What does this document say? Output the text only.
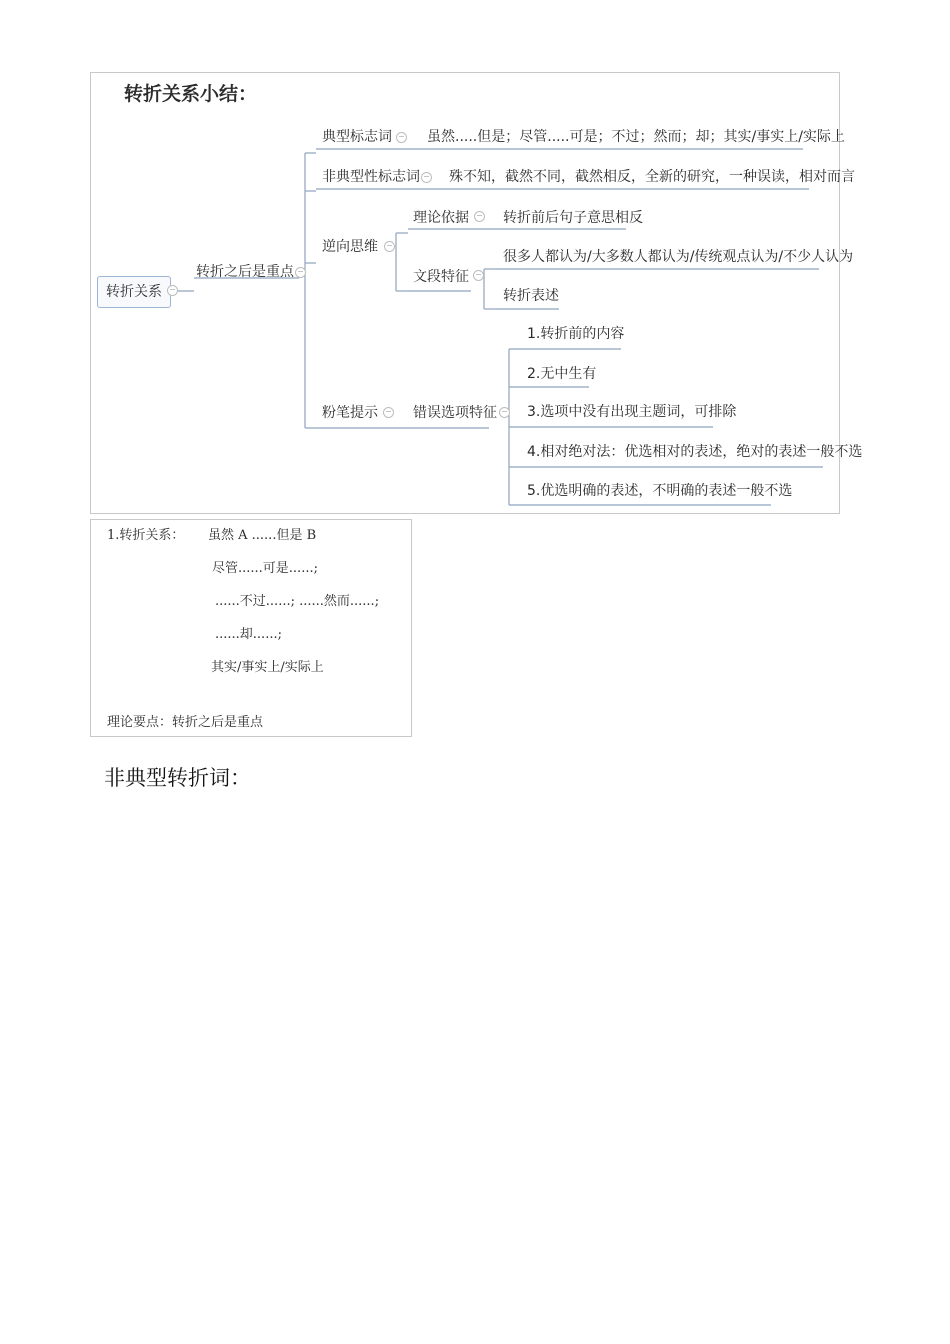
转折关系小结：
转折关系 −
转折之后是重点 −
典型标志词 − 虽然.....但是；尽管.....可是；不过；然而；却；其实/事实上/实际上
非典型性标志词 − 殊不知，截然不同，截然相反，全新的研究，一种误读，相对而言
逆向思维 −
理论依据 − 转折前后句子意思相反
文段特征 −
很多人都认为/大多数人都认为/传统观点认为/不少人认为
转折表述
粉笔提示 − 错误选项特征 −
1.转折前的内容
2.无中生有
3.选项中没有出现主题词，可排除
4.相对绝对法：优选相对的表述，绝对的表述一般不选
5.优选明确的表述，不明确的表述一般不选
1.转折关系： 虽然 A ......但是 B
尽管......可是......;
......不过......; ......然而......;
......却......;
其实/事实上/实际上
理论要点：转折之后是重点
非典型转折词：
